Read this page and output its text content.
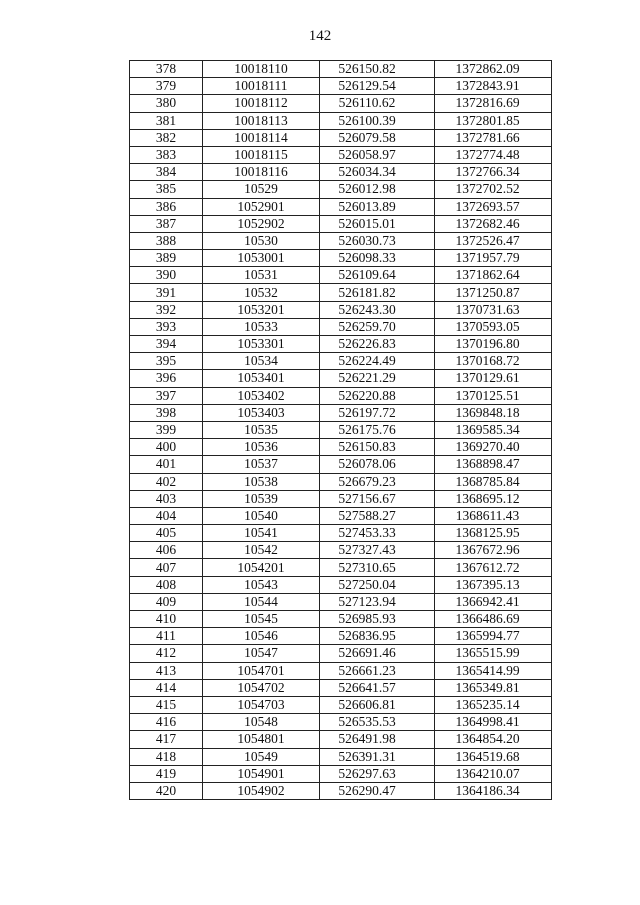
142
378	10018110	526150.82	1372862.09
379	10018111	526129.54	1372843.91
380	10018112	526110.62	1372816.69
381	10018113	526100.39	1372801.85
382	10018114	526079.58	1372781.66
383	10018115	526058.97	1372774.48
384	10018116	526034.34	1372766.34
385	10529	526012.98	1372702.52
386	1052901	526013.89	1372693.57
387	1052902	526015.01	1372682.46
388	10530	526030.73	1372526.47
389	1053001	526098.33	1371957.79
390	10531	526109.64	1371862.64
391	10532	526181.82	1371250.87
392	1053201	526243.30	1370731.63
393	10533	526259.70	1370593.05
394	1053301	526226.83	1370196.80
395	10534	526224.49	1370168.72
396	1053401	526221.29	1370129.61
397	1053402	526220.88	1370125.51
398	1053403	526197.72	1369848.18
399	10535	526175.76	1369585.34
400	10536	526150.83	1369270.40
401	10537	526078.06	1368898.47
402	10538	526679.23	1368785.84
403	10539	527156.67	1368695.12
404	10540	527588.27	1368611.43
405	10541	527453.33	1368125.95
406	10542	527327.43	1367672.96
407	1054201	527310.65	1367612.72
408	10543	527250.04	1367395.13
409	10544	527123.94	1366942.41
410	10545	526985.93	1366486.69
411	10546	526836.95	1365994.77
412	10547	526691.46	1365515.99
413	1054701	526661.23	1365414.99
414	1054702	526641.57	1365349.81
415	1054703	526606.81	1365235.14
416	10548	526535.53	1364998.41
417	1054801	526491.98	1364854.20
418	10549	526391.31	1364519.68
419	1054901	526297.63	1364210.07
420	1054902	526290.47	1364186.34
